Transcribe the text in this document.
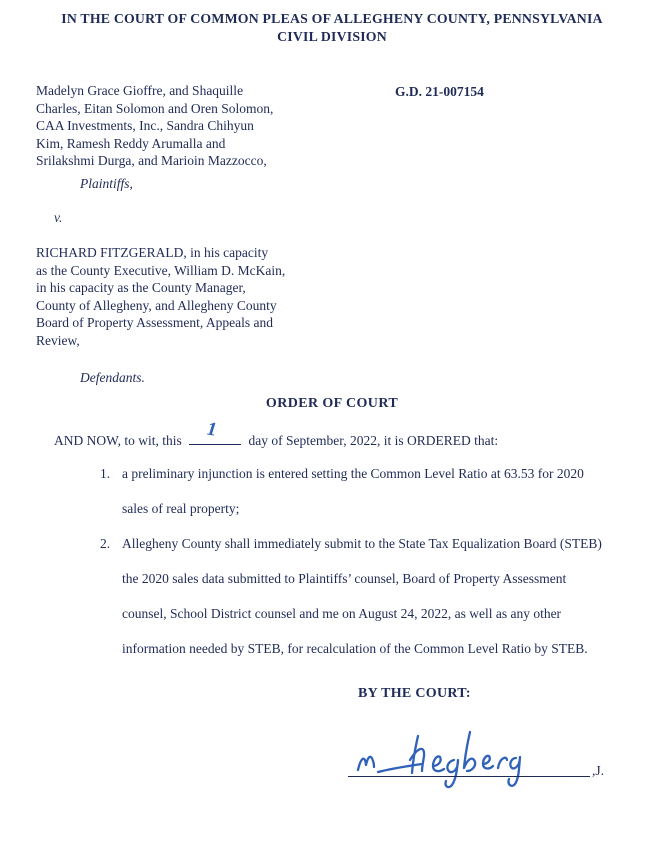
IN THE COURT OF COMMON PLEAS OF ALLEGHENY COUNTY, PENNSYLVANIA
CIVIL DIVISION
Madelyn Grace Gioffre, and Shaquille
Charles, Eitan Solomon and Oren Solomon,
CAA Investments, Inc., Sandra Chihyun
Kim, Ramesh Reddy Arumalla and
Srilakshmi Durga, and Marioin Mazzocco,
G.D. 21-007154
Plaintiffs,
v.
RICHARD FITZGERALD, in his capacity
as the County Executive, William D. McKain,
in his capacity as the County Manager,
County of Allegheny, and Allegheny County
Board of Property Assessment, Appeals and
Review,
Defendants.
ORDER OF COURT
AND NOW, to wit, this
1
day of September, 2022, it is ORDERED that:
1. a preliminary injunction is entered setting the Common Level Ratio at 63.53 for 2020
sales of real property;
2. Allegheny County shall immediately submit to the State Tax Equalization Board (STEB)
the 2020 sales data submitted to Plaintiffs’ counsel, Board of Property Assessment
counsel, School District counsel and me on August 24, 2022, as well as any other
information needed by STEB, for recalculation of the Common Level Ratio by STEB.
BY THE COURT:
,J.
